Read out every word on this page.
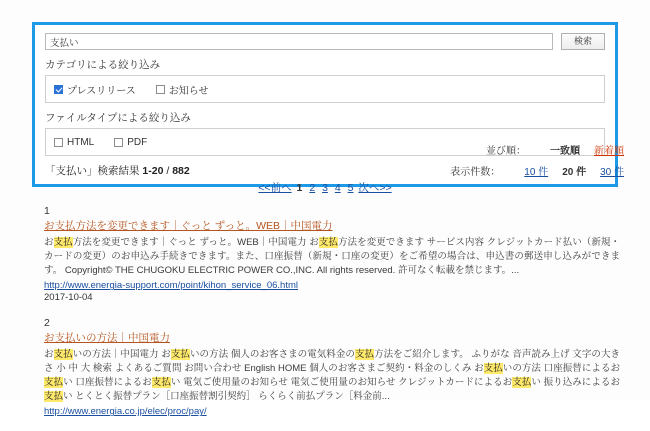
支払い
検索
カテゴリによる絞り込み
プレスリリース	お知らせ
ファイルタイプによる絞り込み
HTML	PDF
「支払い」検索結果 1-20 / 882
並び順： 一致順 新着順
表示件数： 10 件 20 件 30 件
<<前へ 1 2 3 4 5 次へ>>
1
お支払方法を変更できます｜ぐっと ずっと。WEB｜中国電力
お支払方法を変更できます｜ぐっと ずっと。WEB｜中国電力 お支払方法を変更できます サービス内容 クレジットカード払い（新規・カードの変更）のお申込み手続きできます。また、口座振替（新規・口座の変更）をご希望の場合は、申込書の郵送申し込みができます。 Copyright© THE CHUGOKU ELECTRIC POWER CO.,INC. All rights reserved. 許可なく転載を禁じます。...
http://www.energia-support.com/point/kihon_service_06.html
2017-10-04
2
お支払いの方法｜中国電力
お支払いの方法｜中国電力 お支払いの方法 個人のお客さまの電気料金の支払方法をご紹介します。 ふりがな 音声読み上げ 文字の大きさ 小 中 大 検索 よくあるご質問 お問い合わせ English HOME 個人のお客さまご契約・料金のしくみ お支払いの方法 口座振替によるお支払い 口座振替によるお支払い 電気ご使用量のお知らせ 電気ご使用量のお知らせ クレジットカードによるお支払い 振り込みによるお支払い とくとく振替プラン［口座振替割引契約］ らくらく前払プラン［料金前...
http://www.energia.co.jp/elec/proc/pay/
